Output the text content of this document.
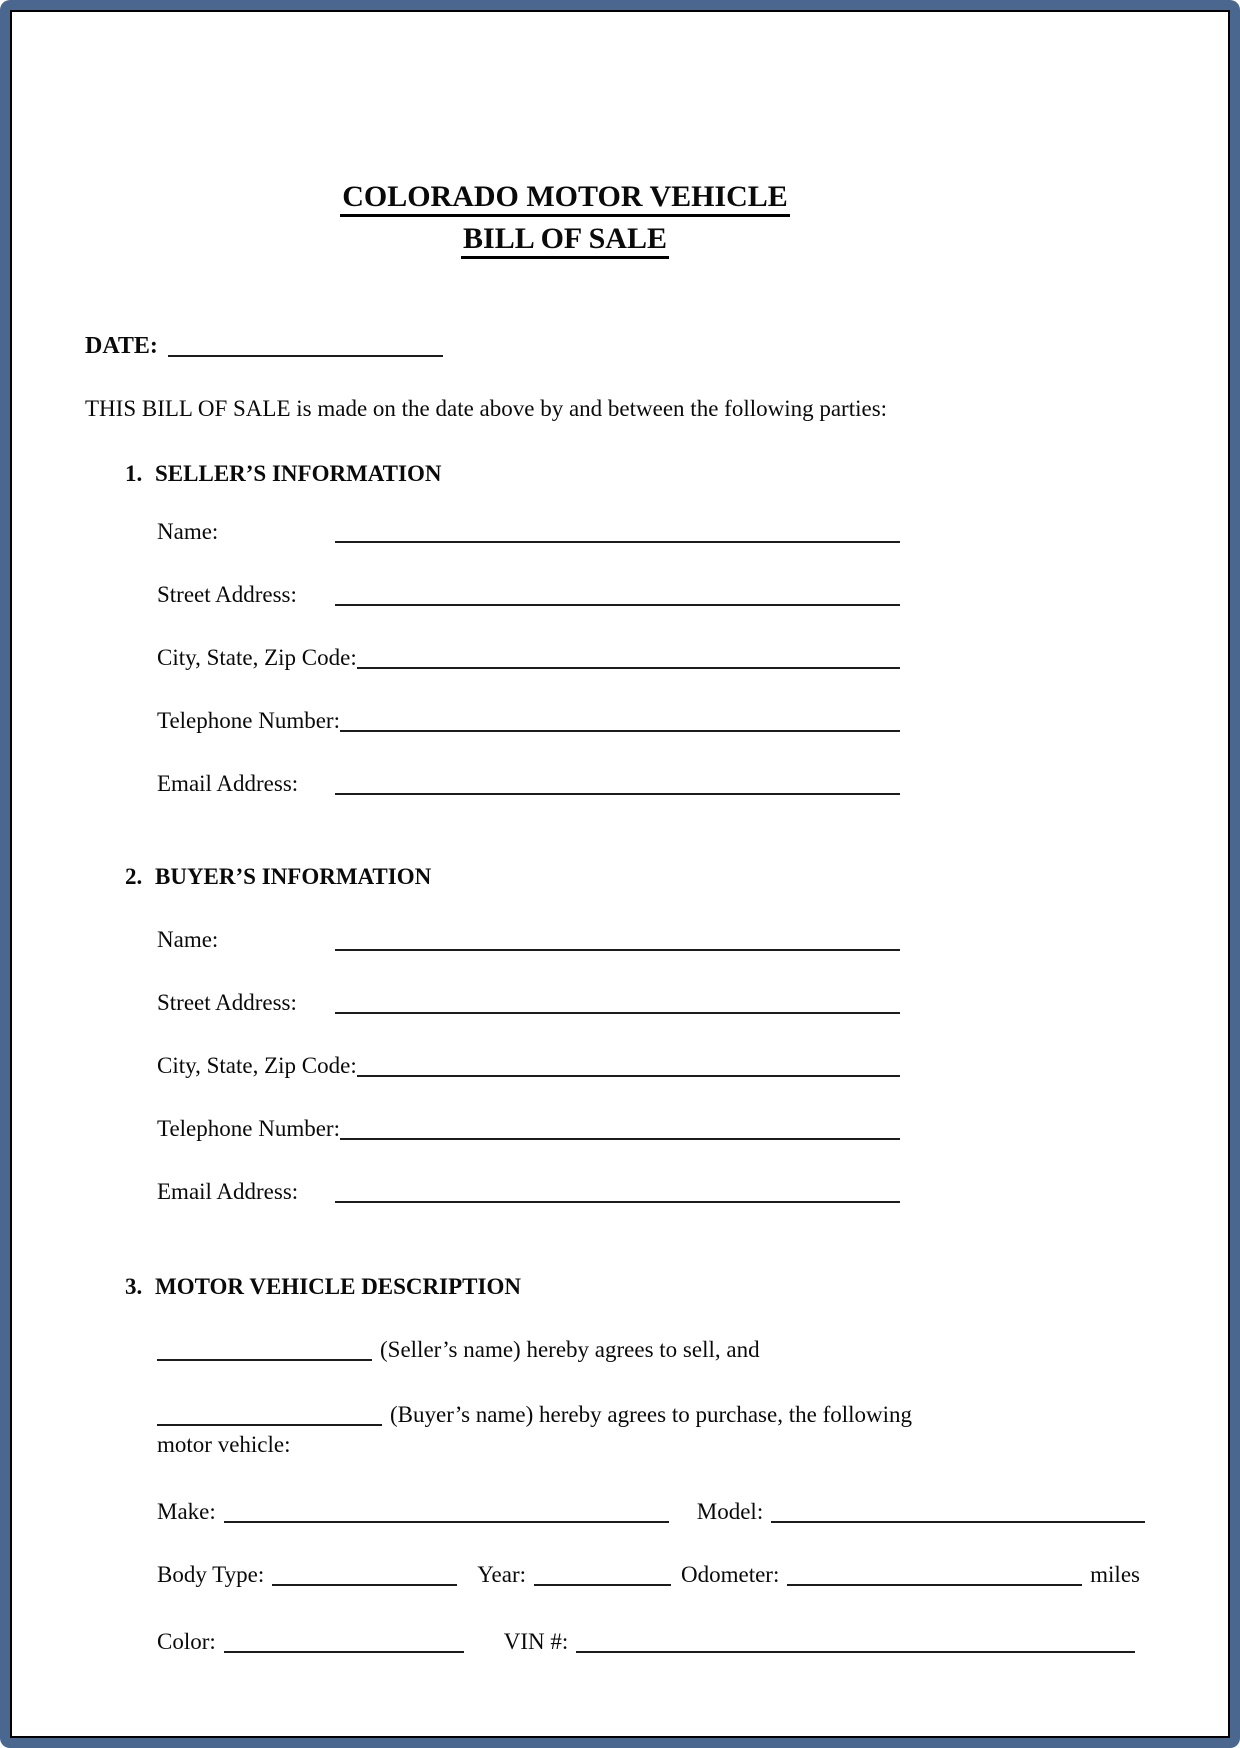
COLORADO MOTOR VEHICLE
BILL OF SALE
DATE:
THIS BILL OF SALE is made on the date above by and between the following parties:
1. SELLER’S INFORMATION
Name:
Street Address:
City, State, Zip Code:
Telephone Number:
Email Address:
2. BUYER’S INFORMATION
Name:
Street Address:
City, State, Zip Code:
Telephone Number:
Email Address:
3. MOTOR VEHICLE DESCRIPTION
(Seller’s name) hereby agrees to sell, and
(Buyer’s name) hereby agrees to purchase, the following
motor vehicle:
Make:	Model:
Body Type:	Year:	Odometer:	miles
Color:	VIN #:
